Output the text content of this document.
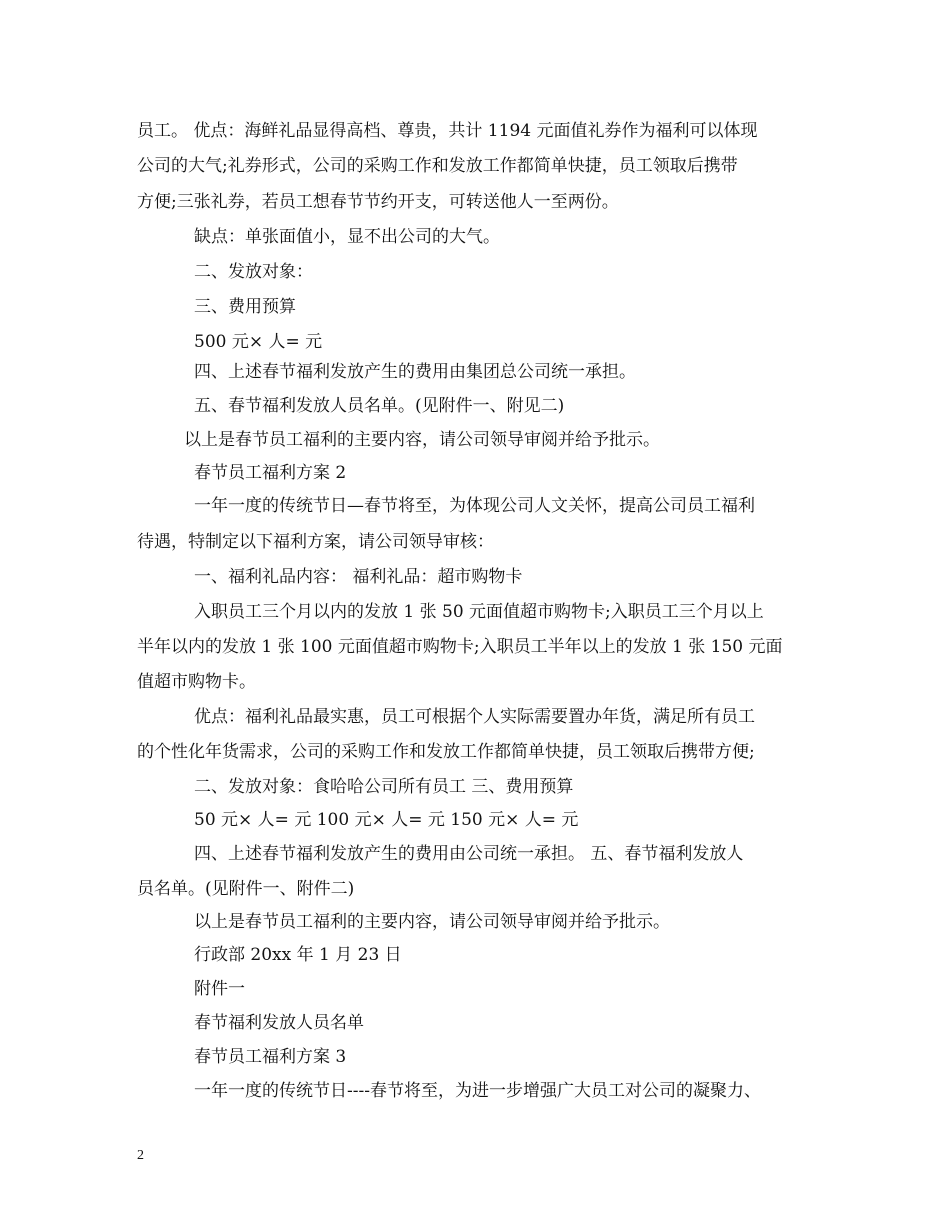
员工。 优点：海鲜礼品显得高档、尊贵，共计 1194 元面值礼券作为福利可以体现
公司的大气;礼券形式，公司的采购工作和发放工作都简单快捷，员工领取后携带
方便;三张礼券，若员工想春节节约开支，可转送他人一至两份。
缺点：单张面值小，显不出公司的大气。
二、发放对象：
三、费用预算
500 元× 人= 元
四、上述春节福利发放产生的费用由集团总公司统一承担。
五、春节福利发放人员名单。(见附件一、附见二)
以上是春节员工福利的主要内容，请公司领导审阅并给予批示。
春节员工福利方案 2
一年一度的传统节日—春节将至，为体现公司人文关怀，提高公司员工福利
待遇，特制定以下福利方案，请公司领导审核：
一、福利礼品内容： 福利礼品：超市购物卡
入职员工三个月以内的发放 1 张 50 元面值超市购物卡;入职员工三个月以上
半年以内的发放 1 张 100 元面值超市购物卡;入职员工半年以上的发放 1 张 150 元面
值超市购物卡。
优点：福利礼品最实惠，员工可根据个人实际需要置办年货，满足所有员工
的个性化年货需求，公司的采购工作和发放工作都简单快捷，员工领取后携带方便;
二、发放对象：食哈哈公司所有员工 三、费用预算
50 元× 人= 元 100 元× 人= 元 150 元× 人= 元
四、上述春节福利发放产生的费用由公司统一承担。 五、春节福利发放人
员名单。(见附件一、附件二)
以上是春节员工福利的主要内容，请公司领导审阅并给予批示。
行政部 20xx 年 1 月 23 日
附件一
春节福利发放人员名单
春节员工福利方案 3
一年一度的传统节日----春节将至，为进一步增强广大员工对公司的凝聚力、
2
